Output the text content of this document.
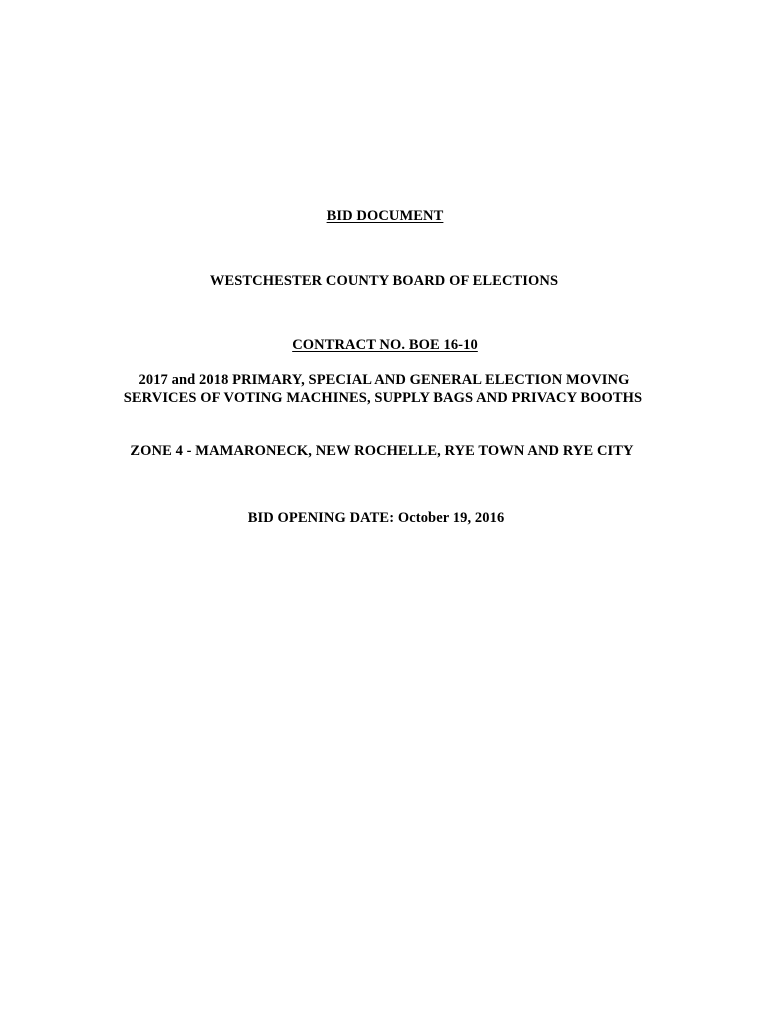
BID DOCUMENT
WESTCHESTER COUNTY BOARD OF ELECTIONS
CONTRACT NO. BOE 16-10
2017 and 2018 PRIMARY, SPECIAL AND GENERAL ELECTION MOVING
SERVICES OF VOTING MACHINES, SUPPLY BAGS AND PRIVACY BOOTHS
ZONE 4 - MAMARONECK, NEW ROCHELLE, RYE TOWN AND RYE CITY
BID OPENING DATE: October 19, 2016
